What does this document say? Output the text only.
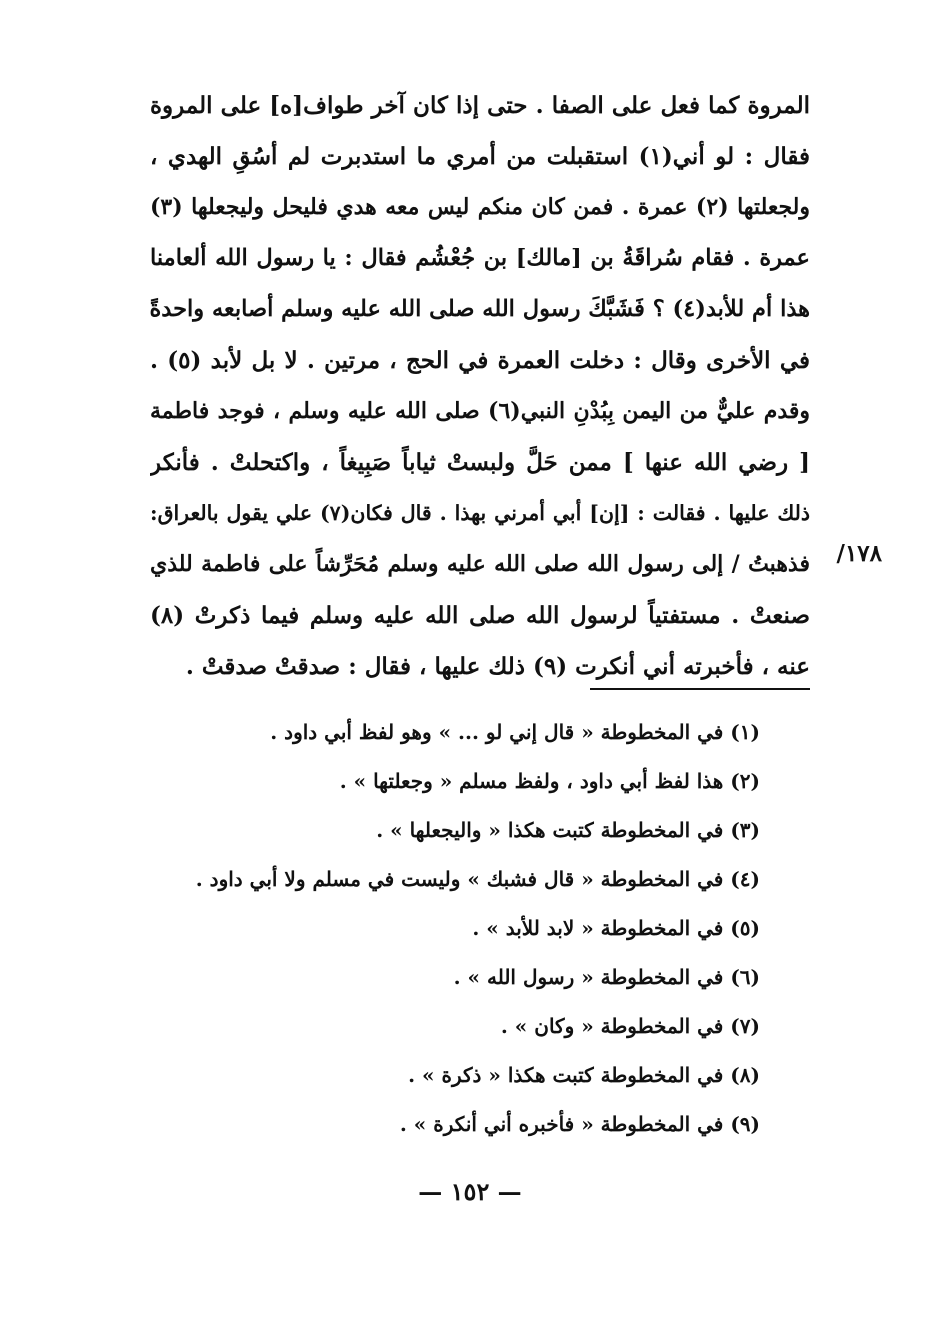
المروة كما فعل على الصفا . حتى إذا كان آخر طواف[ه] على المروة
فقال : لو أني(١) استقبلت من أمري ما استدبرت لم أسُقِ الهدي ،
ولجعلتها (٢) عمرة . فمن كان منكم ليس معه هدي فليحل وليجعلها (٣)
عمرة . فقام سُراقَةُ بن [مالك] بن جُعْشُم فقال : يا رسول الله ألعامنا
هذا أم للأبد(٤) ؟ فَشَبَّكَ رسول الله صلى الله عليه وسلم أصابعه واحدةً
في الأخرى وقال : دخلت العمرة في الحج ، مرتين . لا بل لأبد (٥) .
وقدم عليٌّ من اليمن بِبُدْنِ النبي(٦) صلى الله عليه وسلم ، فوجد فاطمة
[ رضي الله عنها ] ممن حَلَّ ولبستْ ثياباً صَبِيغاً ، واكتحلتْ . فأنكر
ذلك عليها . فقالت : [إن] أبي أمرني بهذا . قال فكان(٧) علي يقول بالعراق:
فذهبتُ / إلى رسول الله صلى الله عليه وسلم مُحَرِّشاً على فاطمة للذي
صنعتْ . مستفتياً لرسول الله صلى الله عليه وسلم فيما ذكرتْ (٨)
عنه ، فأخبرته أني أنكرت (٩) ذلك عليها ، فقال : صدقتْ صدقتْ .
١٧٨/
(١) في المخطوطة « قال إني لو ... » وهو لفظ أبي داود .
(٢) هذا لفظ أبي داود ، ولفظ مسلم « وجعلتها » .
(٣) في المخطوطة كتبت هكذا « واليجعلها » .
(٤) في المخطوطة « قال فشبك » وليست في مسلم ولا أبي داود .
(٥) في المخطوطة « لابد للأبد » .
(٦) في المخطوطة « رسول الله » .
(٧) في المخطوطة « وكان » .
(٨) في المخطوطة كتبت هكذا « ذكرة » .
(٩) في المخطوطة « فأخبره أني أنكرة » .
— ١٥٢ —
